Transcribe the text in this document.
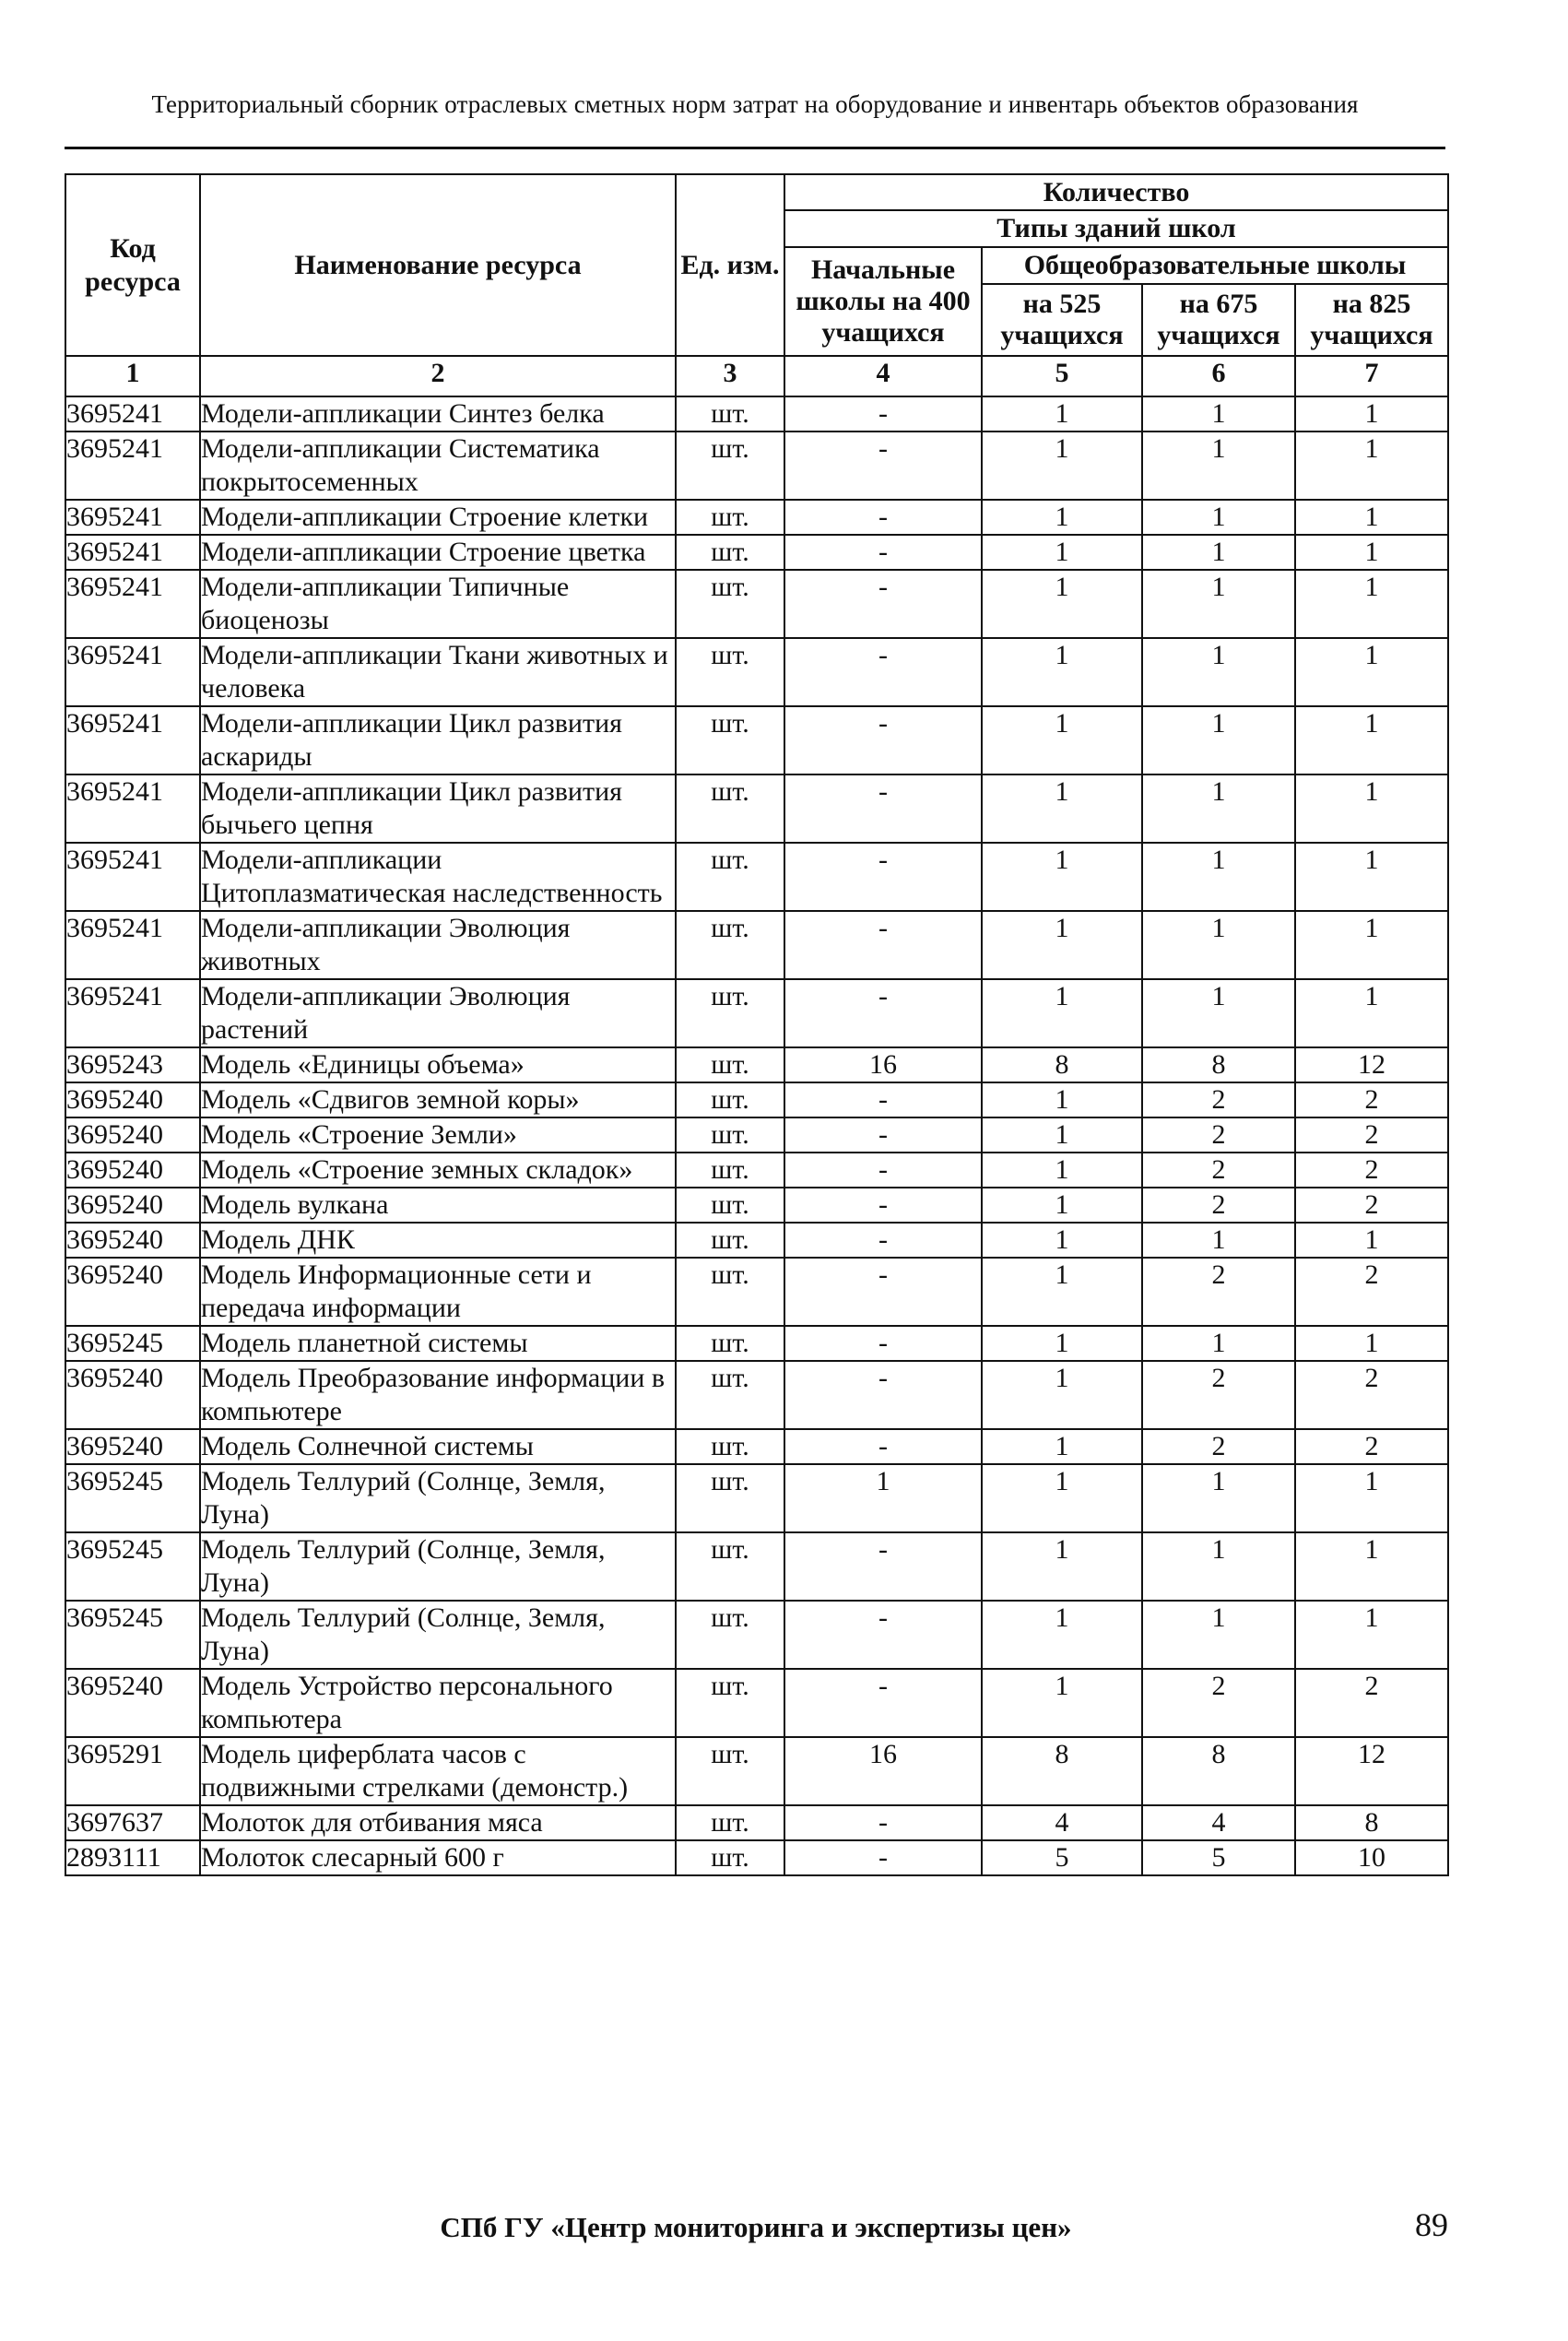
Территориальный сборник отраслевых сметных норм затрат на оборудование и инвентарь объектов образования
Код ресурса	Наименование ресурса	Ед. изм.	Количество			
			Типы зданий школ			
			Начальные школы на 400 учащихся	Общеобразовательные школы		
				на 525 учащихся	на 675 учащихся	на 825 учащихся
1	2	3	4	5	6	7
3695241	Модели-аппликации Синтез белка	шт.	-	1	1	1
3695241	Модели-аппликации Систематика покрытосеменных	шт.	-	1	1	1
3695241	Модели-аппликации Строение клетки	шт.	-	1	1	1
3695241	Модели-аппликации Строение цветка	шт.	-	1	1	1
3695241	Модели-аппликации Типичные биоценозы	шт.	-	1	1	1
3695241	Модели-аппликации Ткани животных и человека	шт.	-	1	1	1
3695241	Модели-аппликации Цикл развития аскариды	шт.	-	1	1	1
3695241	Модели-аппликации Цикл развития бычьего цепня	шт.	-	1	1	1
3695241	Модели-аппликации Цитоплазматическая наследственность	шт.	-	1	1	1
3695241	Модели-аппликации Эволюция животных	шт.	-	1	1	1
3695241	Модели-аппликации Эволюция растений	шт.	-	1	1	1
3695243	Модель «Единицы объема»	шт.	16	8	8	12
3695240	Модель «Сдвигов земной коры»	шт.	-	1	2	2
3695240	Модель «Строение Земли»	шт.	-	1	2	2
3695240	Модель «Строение земных складок»	шт.	-	1	2	2
3695240	Модель вулкана	шт.	-	1	2	2
3695240	Модель ДНК	шт.	-	1	1	1
3695240	Модель Информационные сети и передача информации	шт.	-	1	2	2
3695245	Модель планетной системы	шт.	-	1	1	1
3695240	Модель Преобразование информации в компьютере	шт.	-	1	2	2
3695240	Модель Солнечной системы	шт.	-	1	2	2
3695245	Модель Теллурий (Солнце, Земля, Луна)	шт.	1	1	1	1
3695245	Модель Теллурий (Солнце, Земля, Луна)	шт.	-	1	1	1
3695245	Модель Теллурий (Солнце, Земля, Луна)	шт.	-	1	1	1
3695240	Модель Устройство персонального компьютера	шт.	-	1	2	2
3695291	Модель циферблата часов с подвижными стрелками (демонстр.)	шт.	16	8	8	12
3697637	Молоток для отбивания мяса	шт.	-	4	4	8
2893111	Молоток слесарный 600 г	шт.	-	5	5	10
СПб ГУ «Центр мониторинга и экспертизы цен»	89
